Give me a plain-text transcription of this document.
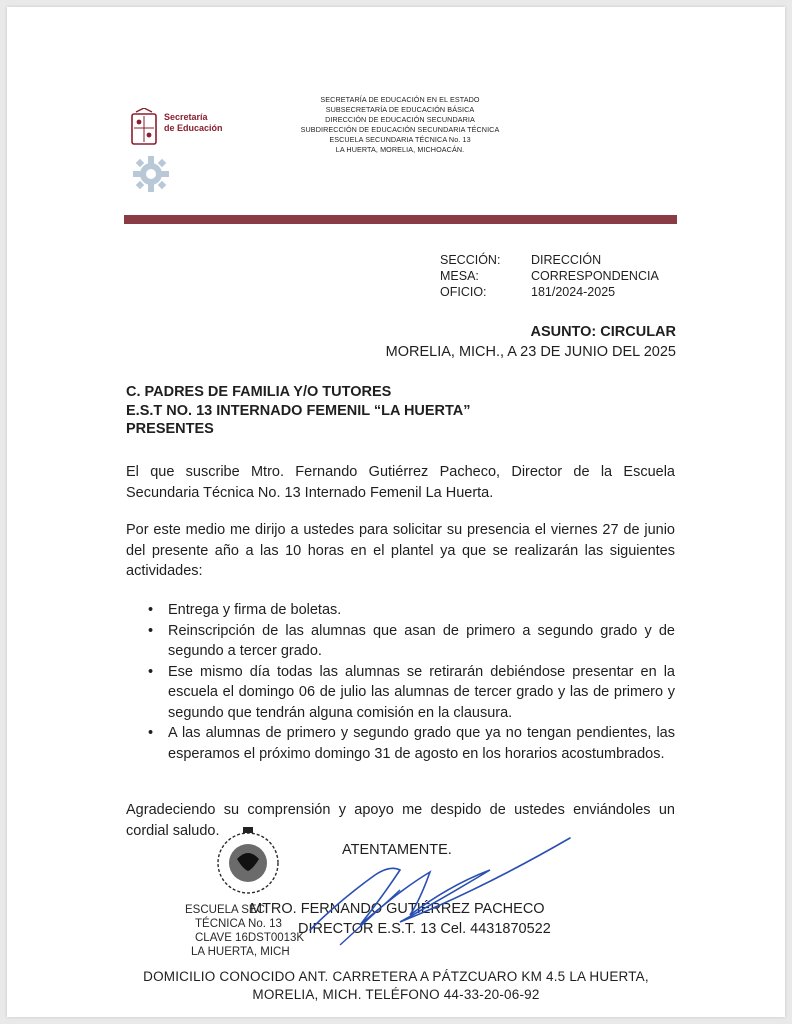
Secretaría
de Educación
SECRETARÍA DE EDUCACIÓN EN EL ESTADO
SUBSECRETARÍA DE EDUCACIÓN BÁSICA
DIRECCIÓN DE EDUCACIÓN SECUNDARIA
SUBDIRECCIÓN DE EDUCACIÓN SECUNDARIA TÉCNICA
ESCUELA SECUNDARIA TÉCNICA No. 13
LA HUERTA, MORELIA, MICHOACÁN.
SECCIÓN:	DIRECCIÓN
MESA:	CORRESPONDENCIA
OFICIO:	181/2024-2025
ASUNTO: CIRCULAR
MORELIA, MICH., A 23 DE JUNIO DEL 2025
C. PADRES DE FAMILIA Y/O TUTORES
E.S.T NO. 13 INTERNADO FEMENIL “LA HUERTA”
PRESENTES
El que suscribe Mtro. Fernando Gutiérrez Pacheco, Director de la Escuela Secundaria Técnica No. 13 Internado Femenil La Huerta.
Por este medio me dirijo a ustedes para solicitar su presencia el viernes 27 de junio del presente año a las 10 horas en el plantel ya que se realizarán las siguientes actividades:
• Entrega y firma de boletas.
• Reinscripción de las alumnas que asan de primero a segundo grado y de segundo a tercer grado.
• Ese mismo día todas las alumnas se retirarán debiéndose presentar en la escuela el domingo 06 de julio las alumnas de tercer grado y las de primero y segundo que tendrán alguna comisión en la clausura.
• A las alumnas de primero y segundo grado que ya no tengan pendientes, las esperamos el próximo domingo 31 de agosto en los horarios acostumbrados.
Agradeciendo su comprensión y apoyo me despido de ustedes enviándoles un cordial saludo.
ATENTAMENTE.
ESCUELA SEC.
TÉCNICA No. 13
CLAVE 16DST0013K
LA HUERTA, MICH
MTRO. FERNANDO GUTIÉRREZ PACHECO
DIRECTOR E.S.T. 13 Cel. 4431870522
DOMICILIO CONOCIDO ANT. CARRETERA A PÁTZCUARO KM 4.5 LA HUERTA,
MORELIA, MICH. TELÉFONO 44-33-20-06-92
